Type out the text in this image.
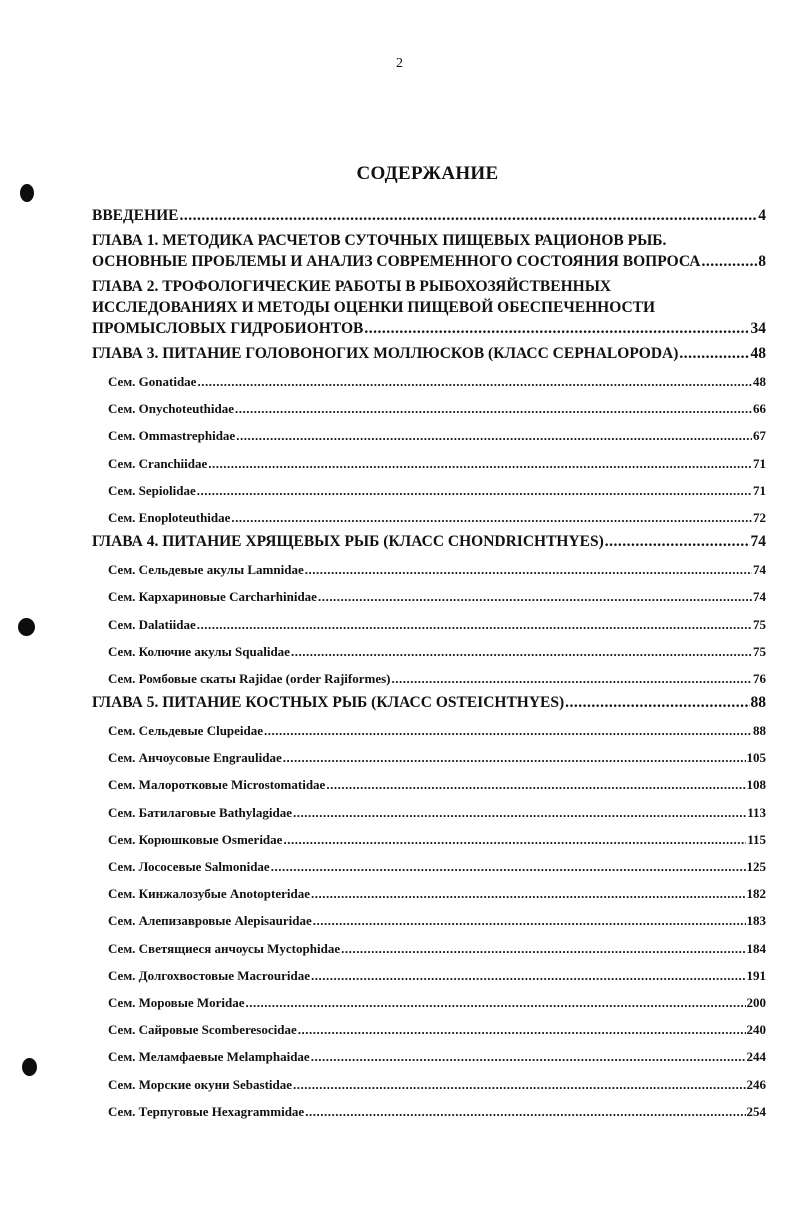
2
СОДЕРЖАНИЕ
ВВЕДЕНИЕ .....	4
ГЛАВА 1. МЕТОДИКА РАСЧЕТОВ СУТОЧНЫХ ПИЩЕВЫХ РАЦИОНОВ РЫБ.
ОСНОВНЫЕ ПРОБЛЕМЫ И АНАЛИЗ СОВРЕМЕННОГО СОСТОЯНИЯ ВОПРОСА .....	8
ГЛАВА 2. ТРОФОЛОГИЧЕСКИЕ РАБОТЫ В РЫБОХОЗЯЙСТВЕННЫХ
ИССЛЕДОВАНИЯХ И МЕТОДЫ ОЦЕНКИ ПИЩЕВОЙ ОБЕСПЕЧЕННОСТИ
ПРОМЫСЛОВЫХ ГИДРОБИОНТОВ .....	34
ГЛАВА 3. ПИТАНИЕ ГОЛОВОНОГИХ МОЛЛЮСКОВ (КЛАСС CEPHALOPODA) .....	48
Сем. Gonatidae .....	48
Сем. Onychoteuthidae .....	66
Сем. Ommastrephidae .....	67
Сем. Cranchiidae .....	71
Сем. Sepiolidae .....	71
Сем. Enoploteuthidae .....	72
ГЛАВА 4. ПИТАНИЕ ХРЯЩЕВЫХ РЫБ (КЛАСС CHONDRICHTHYES) .....	74
Сем. Сельдевые акулы Lamnidae .....	74
Сем. Кархариновые Carcharhinidae .....	74
Сем. Dalatiidae .....	75
Сем. Колючие акулы Squalidae .....	75
Сем. Ромбовые скаты Rajidae (order Rajiformes) .....	76
ГЛАВА 5. ПИТАНИЕ КОСТНЫХ РЫБ (КЛАСС OSTEICHTHYES) .....	88
Сем. Сельдевые Clupeidae .....	88
Сем. Анчоусовые Engraulidae .....	105
Сем. Малоротковые Microstomatidae .....	108
Сем. Батилаговые Bathylagidae .....	113
Сем. Корюшковые Osmeridae .....	115
Сем. Лососевые Salmonidae .....	125
Сем. Кинжалозубые Anotopteridae .....	182
Сем. Алепизавровые Alepisauridae .....	183
Сем. Светящиеся анчоусы Myctophidae .....	184
Сем. Долгохвостовые Macrouridae .....	191
Сем. Моровые Moridae .....	200
Сем. Сайровые Scomberesocidae .....	240
Сем. Меламфаевые Melamphaidae .....	244
Сем. Морские окуни Sebastidae .....	246
Сем. Терпуговые Hexagrammidae .....	254
